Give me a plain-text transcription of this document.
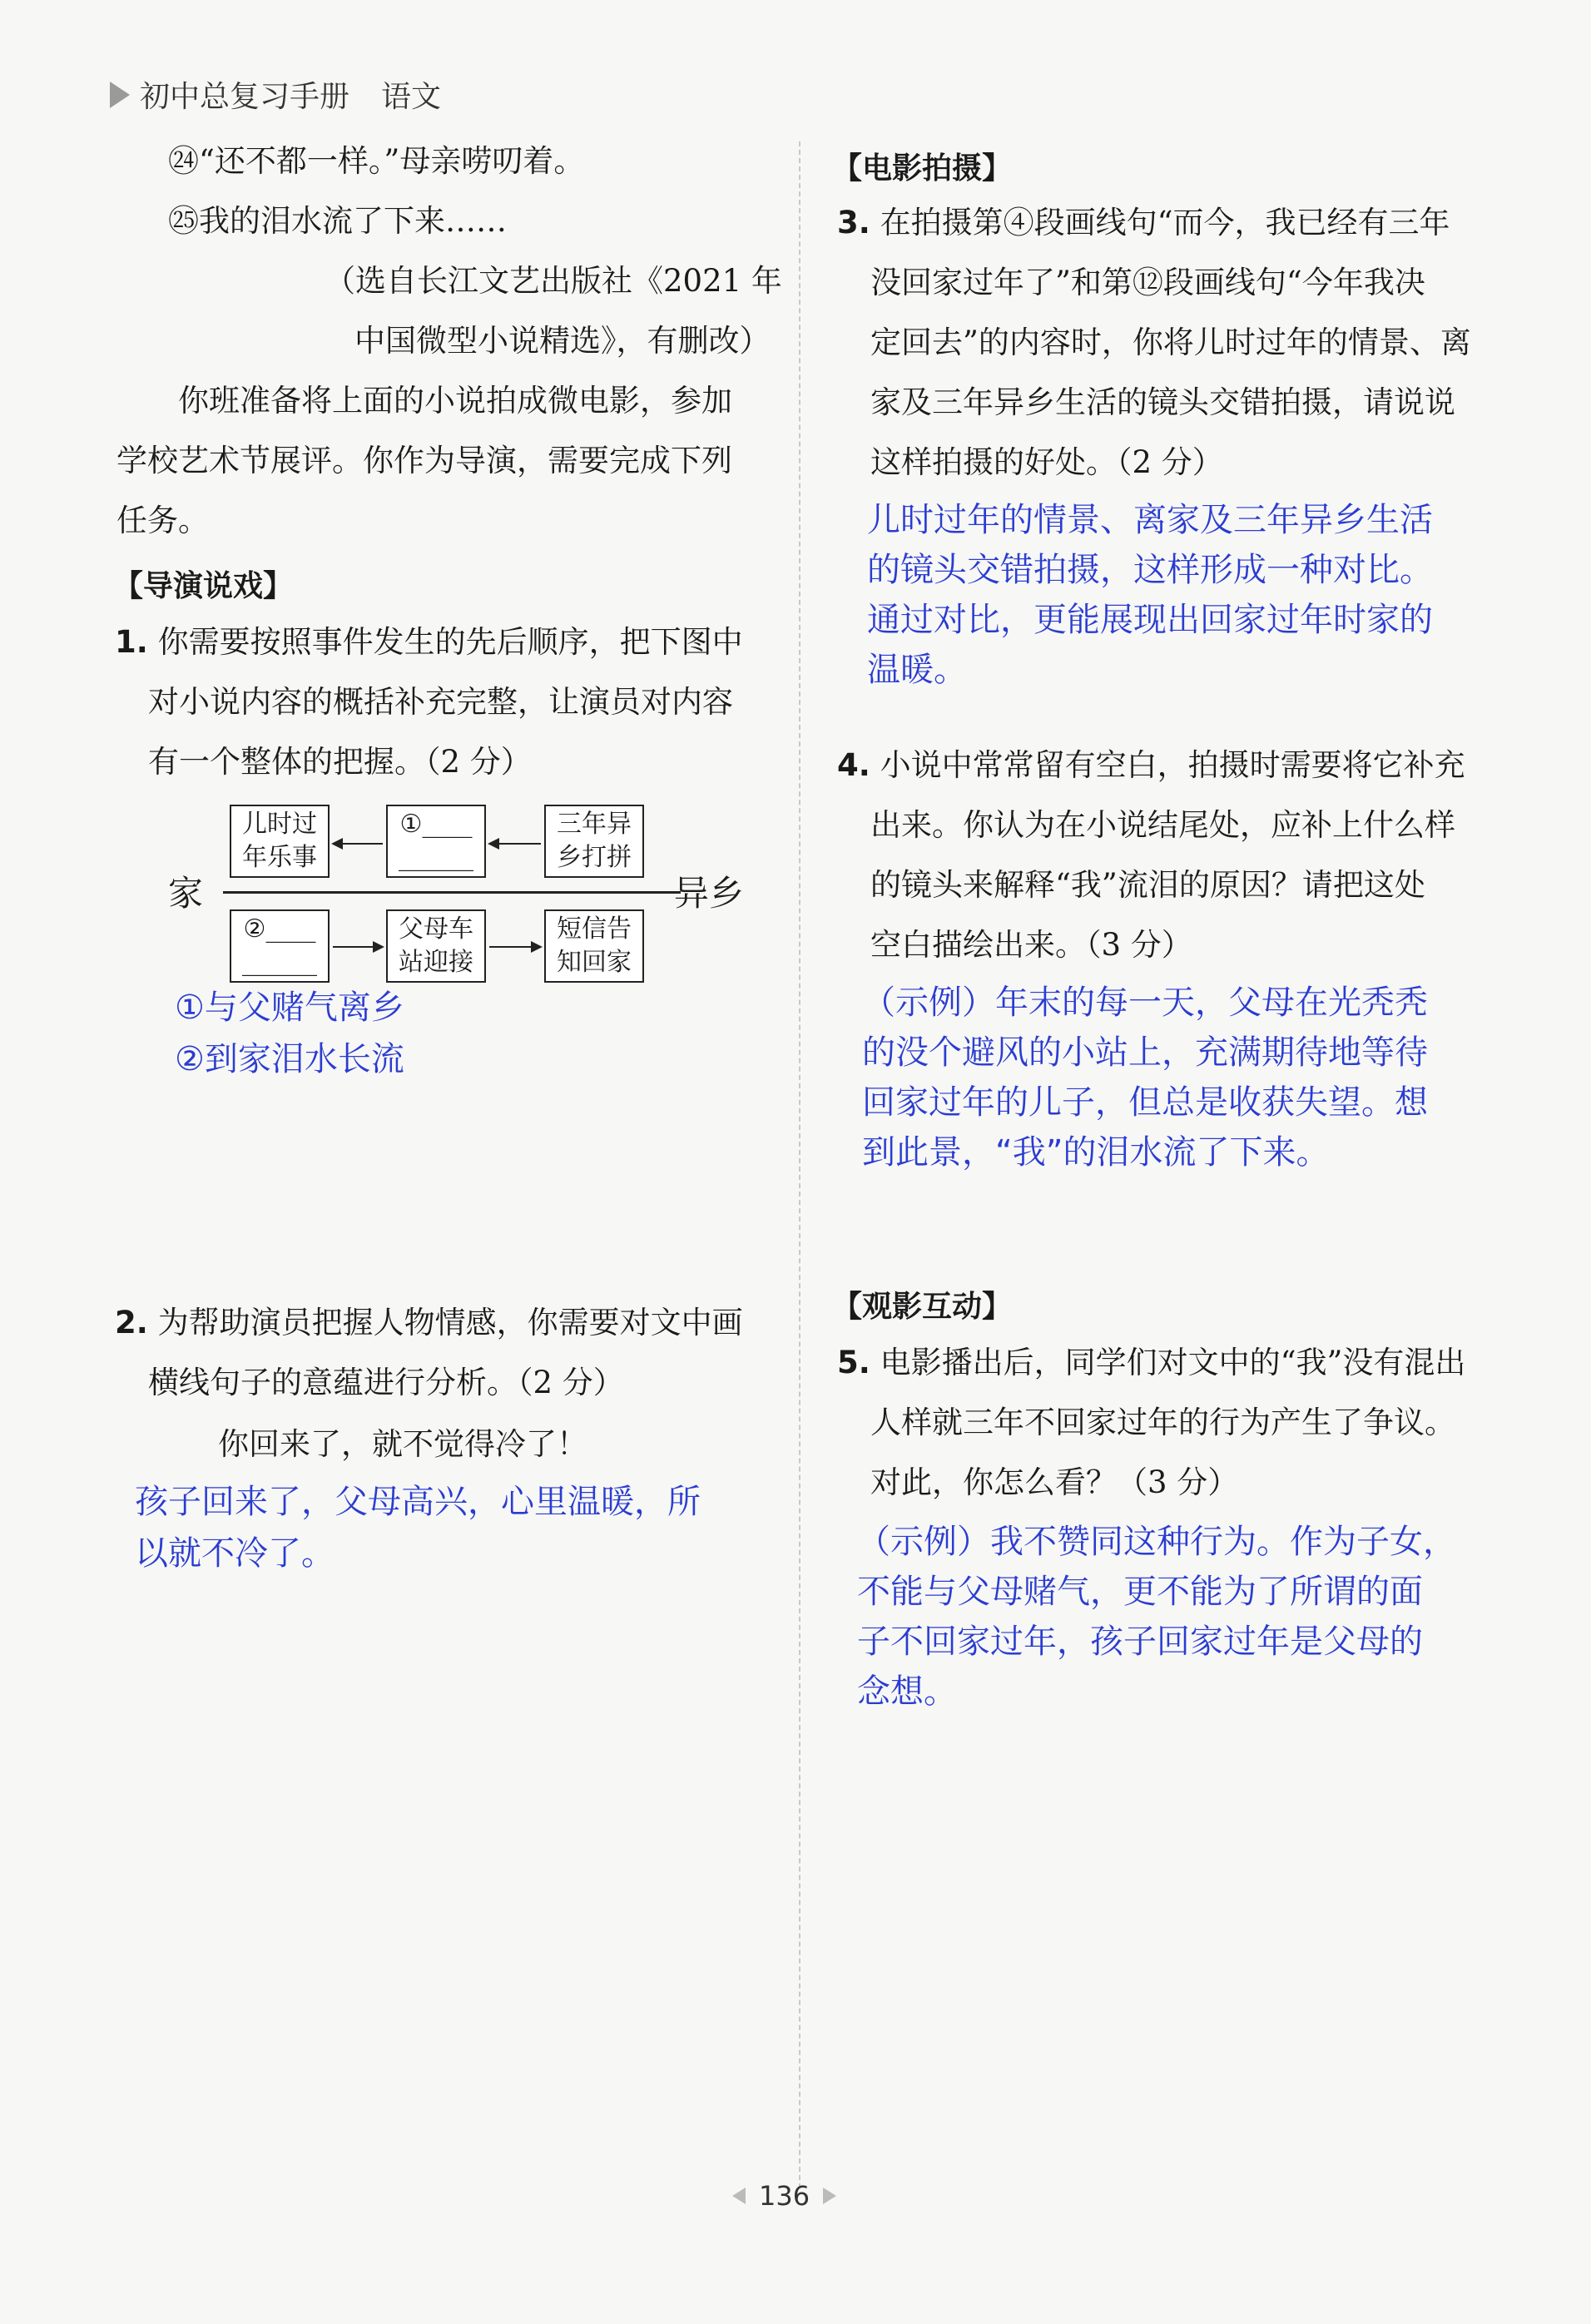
初中总复习手册 语文
㉔“还不都一样。”母亲唠叨着。
㉕我的泪水流了下来……
（选自长江文艺出版社《2021 年
中国微型小说精选》，有删改）
你班准备将上面的小说拍成微电影，参加
学校艺术节展评。你作为导演，需要完成下列
任务。
【导演说戏】
1. 你需要按照事件发生的先后顺序，把下图中
对小说内容的概括补充完整，让演员对内容
有一个整体的把握。（2 分）
家	异乡
儿时过
年乐事
①____
______
三年异
乡打拼
②____
______
父母车
站迎接
短信告
知回家
①与父赌气离乡
②到家泪水长流
2. 为帮助演员把握人物情感，你需要对文中画
横线句子的意蕴进行分析。（2 分）
你回来了，就不觉得冷了！
孩子回来了，父母高兴，心里温暖，所
以就不冷了。
【电影拍摄】
3. 在拍摄第④段画线句“而今，我已经有三年
没回家过年了”和第⑫段画线句“今年我决
定回去”的内容时，你将儿时过年的情景、离
家及三年异乡生活的镜头交错拍摄，请说说
这样拍摄的好处。（2 分）
儿时过年的情景、离家及三年异乡生活
的镜头交错拍摄，这样形成一种对比。
通过对比，更能展现出回家过年时家的
温暖。
4. 小说中常常留有空白，拍摄时需要将它补充
出来。你认为在小说结尾处，应补上什么样
的镜头来解释“我”流泪的原因？请把这处
空白描绘出来。（3 分）
（示例）年末的每一天，父母在光秃秃
的没个避风的小站上，充满期待地等待
回家过年的儿子，但总是收获失望。想
到此景，“我”的泪水流了下来。
【观影互动】
5. 电影播出后，同学们对文中的“我”没有混出
人样就三年不回家过年的行为产生了争议。
对此，你怎么看？（3 分）
（示例）我不赞同这种行为。作为子女，
不能与父母赌气，更不能为了所谓的面
子不回家过年，孩子回家过年是父母的
念想。
136
